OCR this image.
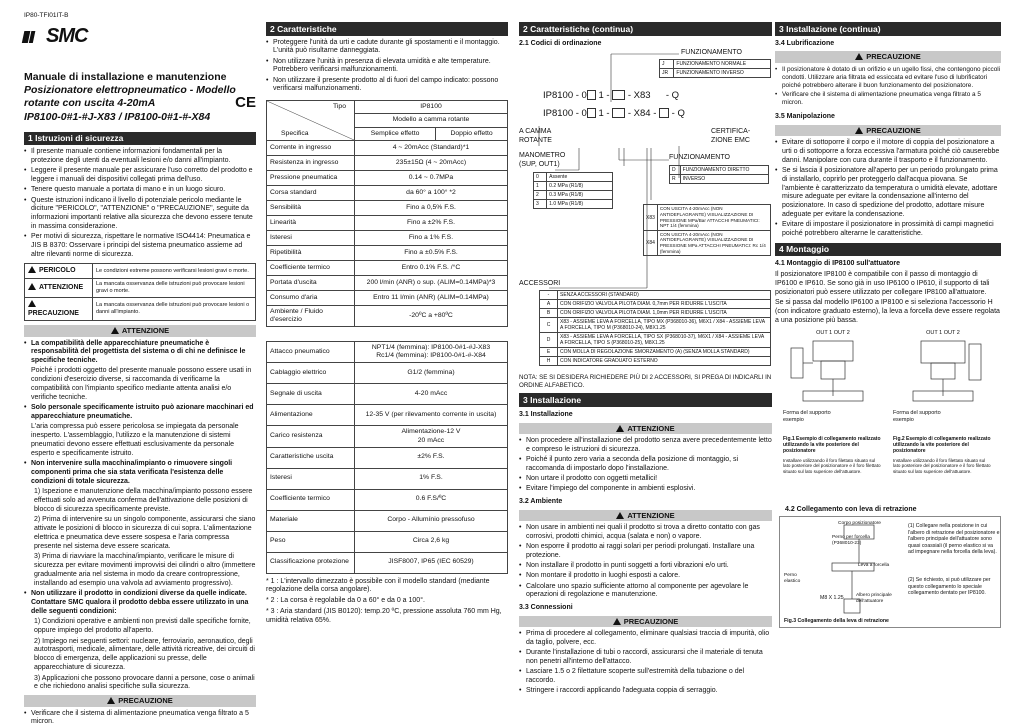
IP80-TFI01IT-B
SMC
CE
Manuale di installazione e manutenzione
Posizionatore elettropneumatico - Modello rotante con uscita 4-20mA
IP8100-0#1-#J-X83 / IP8100-0#1-#-X84
1 Istruzioni di sicurezza
• Il presente manuale contiene informazioni fondamentali per la protezione degli utenti da eventuali lesioni e/o danni all'impianto.
• Leggere il presente manuale per assicurare l'uso corretto del prodotto e leggere i manuali dei dispositivi collegati prima dell'uso.
• Tenere questo manuale a portata di mano e in un luogo sicuro.
• Queste istruzioni indicano il livello di potenziale pericolo mediante le diciture "PERICOLO", "ATTENZIONE" o "PRECAUZIONE", seguite da informazioni importanti relative alla sicurezza che devono essere tenute in massima considerazione.
• Per motivi di sicurezza, rispettare le normative ISO4414: Pneumatica e JIS B 8370: Osservare i principi del sistema pneumatico assieme ad altre rilevanti norme di sicurezza.
PERICOLO	Le condizioni estreme possono verificarsi lesioni gravi o morte.
ATTENZIONE	La mancata osservanza delle istruzioni può provocare lesioni gravi o morte.
PRECAUZIONE	La mancata osservanza delle istruzioni può provocare lesioni o danni all'impianto.
ATTENZIONE
• La compatibilità delle apparecchiature pneumatiche è responsabilità del progettista del sistema o di chi ne definisce le specifiche tecniche.

Poiché i prodotti oggetto del presente manuale possono essere usati in condizioni d'esercizio diverse, si raccomanda di verificarne la compatibilità con l'impianto specifico mediante attenta analisi e/o verifiche tecniche.

• Solo personale specificamente istruito può azionare macchinari ed apparecchiature pneumatiche.

L'aria compressa può essere pericolosa se impiegata da personale inesperto. L'assemblaggio, l'utilizzo e la manutenzione di sistemi pneumatici devono essere effettuati esclusivamente da personale esperto e specificamente istruito.

• Non intervenire sulla macchina/impianto o rimuovere singoli componenti prima che sia stata verificata l'esistenza delle condizioni di totale sicurezza.

1) Ispezione e manutenzione della macchina/impianto possono essere effettuati solo ad avvenuta conferma dell'attivazione delle posizioni di blocco di sicurezza specificamente previste.

2) Prima di intervenire su un singolo componente, assicurarsi che siano attivate le posizioni di blocco in sicurezza di cui sopra. L'alimentazione elettrica e pneumatica deve essere sospesa e l'aria compressa presente nel sistema deve essere scaricata.

3) Prima di riavviare la macchina/impianto, verificare le misure di sicurezza per evitare movimenti improvvisi dei cilindri o altro (immettere gradualmente aria nel sistema in modo da creare contropressione, installando ad esempio una valvola ad avviamento progressivo).

• Non utilizzare il prodotto in condizioni diverse da quelle indicate. Contattare SMC qualora il prodotto debba essere utilizzato in una delle seguenti condizioni:

1) Condizioni operative e ambienti non previsti dalle specifiche fornite, oppure impiego del prodotto all'aperto.

2) Impiego nei seguenti settori: nucleare, ferroviario, aeronautico, degli autotrasporti, medicale, alimentare, delle attività ricreative, dei circuiti di blocco di emergenza, delle applicazioni su presse, delle apparecchiature di sicurezza.

3) Applicazioni che possono provocare danni a persone, cose o animali e che richiedono analisi specifiche sulla sicurezza.

PRECAUZIONE
• Verificare che il sistema di alimentazione pneumatica venga filtrato a 5 micron.
2 Caratteristiche
• Proteggere l'unità da urti e cadute durante gli spostamenti e il montaggio. L'unità può risultarne danneggiata.
• Non utilizzare l'unità in presenza di elevata umidità e alte temperature. Potrebbero verificarsi malfunzionamenti.
• Non utilizzare il presente prodotto al di fuori del campo indicato: possono verificarsi malfunzionamenti.
Tipo
Specifica	IP8100	
	Modello a camma rotante	
	Semplice effetto	Doppio effetto
Corrente in ingresso	4 ~ 20mAcc (Standard)*1	
Resistenza in ingresso	235±15Ω (4 ~ 20mAcc)	
Pressione pneumatica	0.14 ~ 0.7MPa	
Corsa standard	da 60° a 100° *2	
Sensibilità	Fino a 0,5% F.S.	
Linearità	Fino a ±2% F.S.	
Isteresi	Fino a 1% F.S.	
Ripetibilità	Fino a ±0.5% F.S.	
Coefficiente termico	Entro 0.1% F.S. /°C	
Portata d'uscita	200 l/min (ANR) o sup. (ALIM=0.14MPa)*3	
Consumo d'aria	Entro 11 l/min (ANR) (ALIM=0.14MPa)	
Ambiente / Fluido d'esercizio	-20ºC a +80ºC	
Attacco pneumatico	NPT1/4 (femmina): IP8100-0#1-#J-X83
Rc1/4 (femmina): IP8100-0#1-#-X84
Cablaggio elettrico	G1/2 (femmina)
Segnale di uscita	4-20 mAcc
Alimentazione	12-35 V (per rilevamento corrente in uscita)
Carico resistenza	Alimentazione-12 V
20 mAcc
Caratteristiche uscita	±2% F.S.
Isteresi	1% F.S.
Coefficiente termico	0.6 F.S/ºC
Materiale	Corpo - Allumínio pressofuso
Peso	Circa 2,6 kg
Classificazione protezione	JISF8007, IP65 (IEC 60529)

* 1 : L'intervallo dimezzato è possibile con il modello standard (mediante regolazione della corsa angolare).

* 2 : La corsa è regolabile da 0 a 60° e da 0 a 100°.

* 3 : Aria standard (JIS B0120): temp.20 ºC, pressione assoluta 760 mm Hg, umidità relativa 65%.

2 Caratteristiche (continua)
2.1 Codici di ordinazione
FUNZIONAMENTO
J	FUNZIONAMENTO NORMALE
JR	FUNZIONAMENTO INVERSO
IP8100 - 0 1 - - X83 - Q
IP8100 - 0 1 - - X84 - - Q
A CAMMA ROTANTE
CERTIFICA-ZIONE EMC
FUNZIONAMENTO
D	FUNZIONAMENTO DIRETTO
R	INVERSO
MANOMETRO (SUP, OUT1)
0	Assente
1	0.2 MPa (R1/8)
2	0.3 MPa (R1/8)
3	1.0 MPa (R1/8)
X83	CON USCITA 4-20mAcc (NON ANTIDEFLAGRANTE) VISUALIZZAZIONE DI PRESSIONE MPa/Bar ATTACCHI PNEUMATICI: NPT 1/4 (femmina)
X84	CON USCITA 4-20mAcc (NON ANTIDEFLAGRANTE) VISUALIZZAZIONE DI PRESSIONE MPa ATTACCHI PNEUMATICI: Rc 1/4 (femmina)
ACCESSORI
-	SENZA ACCESSORI (STANDARD)
A	CON ORIFIZIO VALVOLA PILOTA DIAM. 0,7mm PER RIDURRE L'USCITA
B	CON ORIFIZIO VALVOLA PILOTA DIAM. 1,0mm PER RIDURRE L'USCITA
C	X83 - ASSIEME LEVA A FORCELLA, TIPO MX (P368010-36), M6X1 / X84 - ASSIEME LEVA A FORCELLA, TIPO M (P368010-24), M8X1.25
D	X83 - ASSIEME LEVA A FORCELLA, TIPO SX (P368010-37), M6X1 / X84 - ASSIEME LEVA A FORCELLA, TIPO S (P368010-25), M8X1.25
E	CON MOLLA DI REGOLAZIONE SMORZAMENTO (A) (SENZA MOLLA STANDARD)
H	CON INDICATORE GRADUATO ESTERNO

NOTA: SE SI DESIDERA RICHIEDERE PIÙ DI 2 ACCESSORI, SI PREGA DI INDICARLI IN ORDINE ALFABETICO.

3 Installazione
3.1 Installazione
ATTENZIONE
• Non procedere all'installazione del prodotto senza avere precedentemente letto e compreso le istruzioni di sicurezza.
• Poiché il punto zero varia a seconda della posizione di montaggio, si raccomanda di impostarlo dopo l'installazione.
• Non urtare il prodotto con oggetti metallici!
• Evitare l'impiego del componente in ambienti esplosivi.
3.2 Ambiente
ATTENZIONE
• Non usare in ambienti nei quali il prodotto si trova a diretto contatto con gas corrosivi, prodotti chimici, acqua (salata e non) o vapore.
• Non esporre il prodotto ai raggi solari per periodi prolungati. Installare una protezione.
• Non installare il prodotto in punti soggetti a forti vibrazioni e/o urti.
• Non montare il prodotto in luoghi esposti a calore.
• Calcolare uno spazio sufficiente attorno al componente per agevolare le operazioni di regolazione e manutenzione.
3.3 Connessioni
PRECAUZIONE
• Prima di procedere al collegamento, eliminare qualsiasi traccia di impurità, olio da taglio, polvere, ecc.
• Durante l'installazione di tubi o raccordi, assicurarsi che il materiale di tenuta non penetri all'interno dell'attacco.
• Lasciare 1.5 o 2 filettature scoperte sull'estremità della tubazione o del raccordo.
• Stringere i raccordi applicando l'adeguata coppia di serraggio.
3 Installazione (continua)
3.4 Lubrificazione
PRECAUZIONE
• Il posizionatore è dotato di un orifizio e un ugello fissi, che contengono piccoli condotti. Utilizzare aria filtrata ed essiccata ed evitare l'uso di lubrificatori poiché potrebbero alterare il buon funzionamento del posizionatore.
• Verificare che il sistema di alimentazione pneumatica venga filtrato a 5 micron.
3.5 Manipolazione
PRECAUZIONE
• Evitare di sottoporre il corpo e il motore di coppia del posizionatore a urti o di sottoporre a forza eccessiva l'armatura poiché ciò causerebbe danni. Manipolare con cura durante il trasporto e il funzionamento.
• Se si lascia il posizionatore all'aperto per un periodo prolungato prima di installarlo, coprirlo per proteggerlo dall'acqua piovana. Se l'ambiente è caratterizzato da temperatura o umidità elevate, adottare misure adeguate per evitare la condensazione all'interno del posizionatore. In caso di spedizione del prodotto, adottare misure adeguate per evitare la condensazione.
• Evitare di impostare il posizionatore in prossimità di campi magnetici poiché potrebbero alterarne le caratteristiche.
4 Montaggio
4.1 Montaggio di IP8100 sull'attuatore

Il posizionatore IP8100 è compatibile con il passo di montaggio di IP6100 e IP610. Se sono già in uso IP6100 o IP610, il supporto di tali posizionatori può essere utilizzato per collegare IP8100 all'attuatore.

Se si passa dal modello IP6100 a IP8100 e si seleziona l'accessorio H (con indicatore graduato esterno), la leva a forcella deve essere regolata a una posizione più bassa.

OUT 1 OUT 2
Forma del supporto esempio
Fig.1 Esempio di collegamento realizzato utilizzando la vite posteriore del posizionatore
Installare utilizzando il foro filettato situato sul lato posteriore del posizionatore e il foro filettato situato sul lato superiore dell'attuatore.
OUT 1 OUT 2
Forma del supporto esempio
Fig.2 Esempio di collegamento realizzato utilizzando la vite posteriore del posizionatore
Installare utilizzando il foro filettato situato sul lato posteriore del posizionatore e il foro filettato situato sul lato superiore dell'attuatore.
4.2 Collegamento con leva di retrazione
Corpo posizionatore
Perno per forcella (P368010-23)
Leva a forcella
Perno elastico
M8 X 1.25	Albero principale dell'attuatore
(1) Collegare nella posizione in cui l'albero di retrazione del posizionatore e l'albero principale dell'attuatore sono quasi coassiali (il perno elastico si va ad impegnare nella forcella della leva).
(2) Se richiesto, si può utilizzare per questo collegamento lo speciale collegamento dentato per IP8100.
Fig.3 Collegamento della leva di retrazione
